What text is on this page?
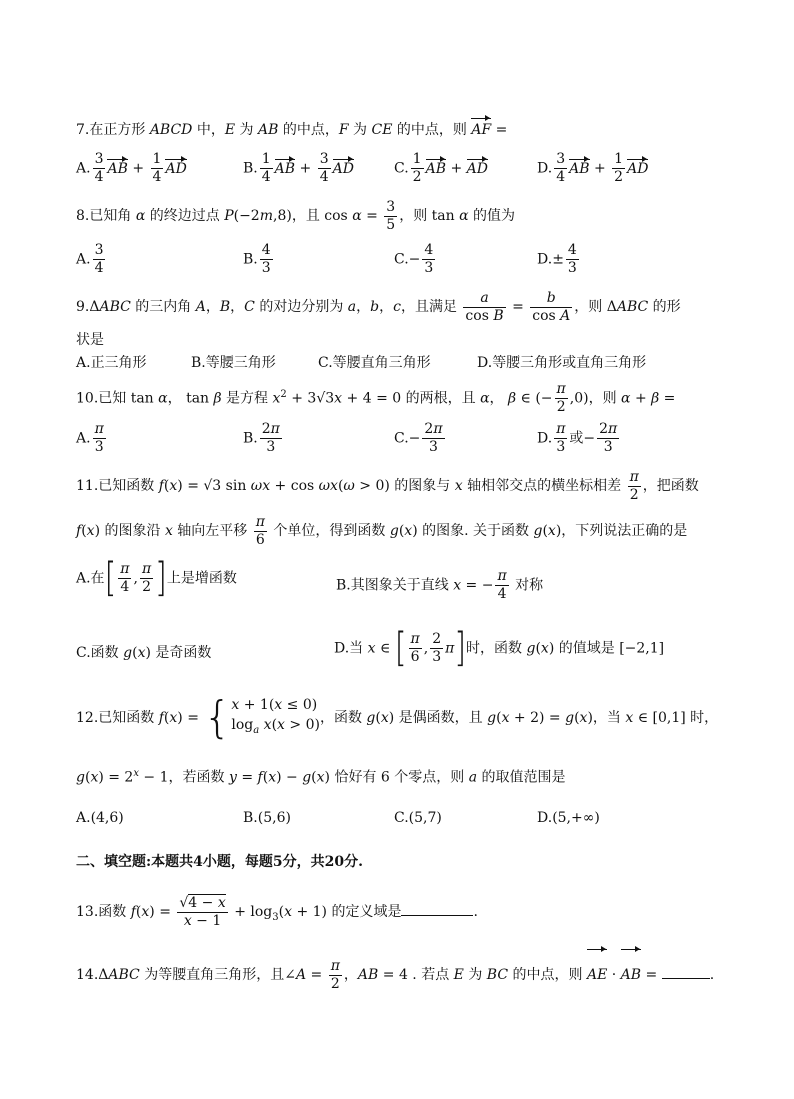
7.在正方形 ABCD 中，E 为 AB 的中点，F 为 CE 的中点，则 AF =
A. $\frac{3}{4}$ AB + $\frac{1}{4}$ AD	B. $\frac{1}{4}$ AB + $\frac{3}{4}$ AD	C. $\frac{1}{2}$ AB + AD	D. $\frac{3}{4}$ AB + $\frac{1}{2}$ AD
8.已知角 α 的终边过点 P(−2m,8)，且 $\cos \alpha = \frac{3}{5}$ ，则 tan α 的值为
A. $\frac{3}{4}$	B. $\frac{4}{3}$	$C.- \frac{4}{3}$	$D.\pm \frac{4}{3}$
9.ΔABC 的三内角 A，B，C 的对边分别为 a，b，c，且满足 $\frac{a}{\text{cos B}} = \frac{b}{\text{cos A}}$ ，则 ΔABC 的形
状是
A.正三角形	B.等腰三角形	C.等腰直角三角形	D.等腰三角形或直角三角形
10.已知 tan α， tan β 是方程 $x^2 + 3√3x + 4 = 0$ 的两根，且 α， β ∈ (− $\frac{\pi}{2} ,0$)，则 α + β =
A. $\frac{\pi}{3}$	B. $\frac{2\pi}{3}$	$C.- \frac{2\pi}{3}$	D. $\frac{\pi}{3}$ 或− $\frac{2\pi}{3}$
11.已知函数 f(x) = √3 sin ωx + cos ωx(ω > 0) 的图象与 x 轴相邻交点的横坐标相差 $\frac{\pi}{2}$ ，把函数
f(x) 的图象沿 x 轴向左平移 $\frac{\pi}{6}$ 个单位，得到函数 g(x) 的图象. 关于函数 g(x)，下列说法正确的是
A.在[ $\frac{\pi}{4}$ , $\frac{\pi}{2}$ ]上是增函数	B.其图象关于直线 x = − $\frac{\pi}{4}$ 对称
C.函数 g(x) 是奇函数	D.当 x ∈ [ $\frac{\pi}{6}$ , $\frac{2}{3} \pi$]时，函数 g(x) 的值域是 [−2,1]
12.已知函数 f(x) = { x + 1(x ≤ 0)
$\log_a x(x > 0)$ ，函数 g(x) 是偶函数，且 g(x + 2) = g(x)，当 x ∈ [0,1] 时，
$g(x) = 2^x - 1$，若函数 y = f(x) − g(x) 恰好有 6 个零点，则 a 的取值范围是
A.(4,6)	B.(5,6)	C.(5,7)	D.(5,+∞)
二、填空题:本题共4小题，每题5分，共20分.
13.函数 $f(x) = \frac{√4 - x}{x - 1} + \log_3(x + 1)$ 的定义域是	.
14.ΔABC 为等腰直角三角形，且∠A = $\frac{\pi}{2}$ ，AB = 4 . 若点 E 为 BC 的中点，则 AE · AB =	.
